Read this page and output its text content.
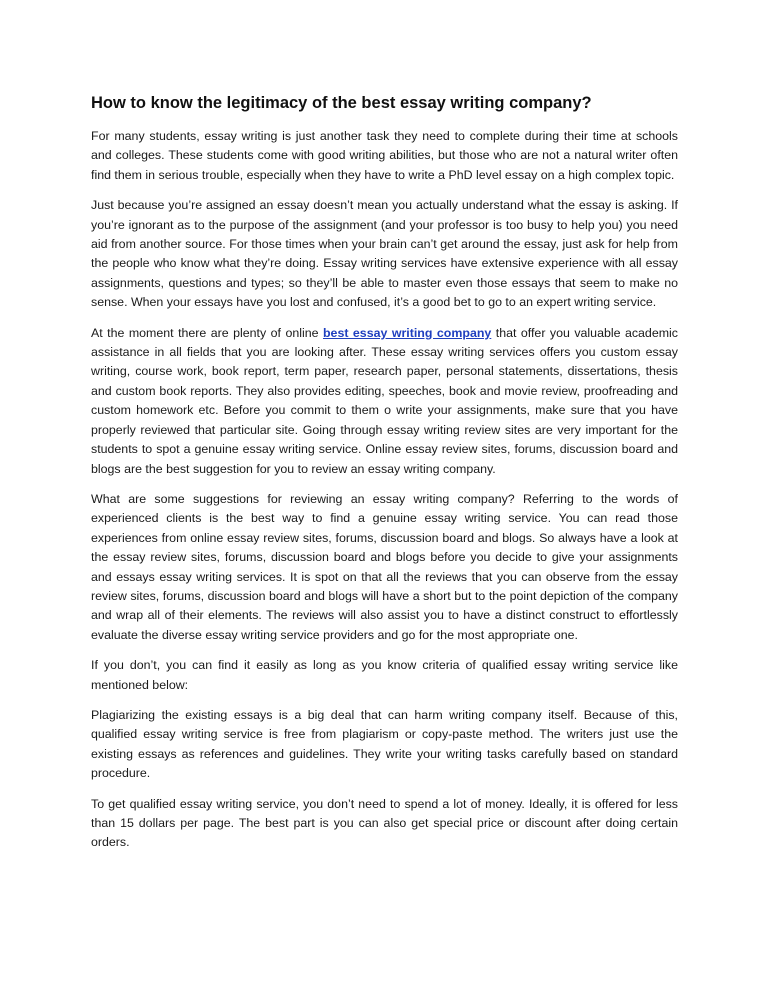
How to know the legitimacy of the best essay writing company?

For many students, essay writing is just another task they need to complete during their time at schools and colleges. These students come with good writing abilities, but those who are not a natural writer often find them in serious trouble, especially when they have to write a PhD level essay on a high complex topic.

Just because you’re assigned an essay doesn’t mean you actually understand what the essay is asking. If you’re ignorant as to the purpose of the assignment (and your professor is too busy to help you) you need aid from another source. For those times when your brain can’t get around the essay, just ask for help from the people who know what they’re doing. Essay writing services have extensive experience with all essay assignments, questions and types; so they’ll be able to master even those essays that seem to make no sense. When your essays have you lost and confused, it’s a good bet to go to an expert writing service.

At the moment there are plenty of online best essay writing company that offer you valuable academic assistance in all fields that you are looking after. These essay writing services offers you custom essay writing, course work, book report, term paper, research paper, personal statements, dissertations, thesis and custom book reports. They also provides editing, speeches, book and movie review, proofreading and custom homework etc. Before you commit to them o write your assignments, make sure that you have properly reviewed that particular site. Going through essay writing review sites are very important for the students to spot a genuine essay writing service. Online essay review sites, forums, discussion board and blogs are the best suggestion for you to review an essay writing company.

What are some suggestions for reviewing an essay writing company? Referring to the words of experienced clients is the best way to find a genuine essay writing service. You can read those experiences from online essay review sites, forums, discussion board and blogs. So always have a look at the essay review sites, forums, discussion board and blogs before you decide to give your assignments and essays essay writing services. It is spot on that all the reviews that you can observe from the essay review sites, forums, discussion board and blogs will have a short but to the point depiction of the company and wrap all of their elements. The reviews will also assist you to have a distinct construct to effortlessly evaluate the diverse essay writing service providers and go for the most appropriate one.

If you don’t, you can find it easily as long as you know criteria of qualified essay writing service like mentioned below:

Plagiarizing the existing essays is a big deal that can harm writing company itself. Because of this, qualified essay writing service is free from plagiarism or copy-paste method. The writers just use the existing essays as references and guidelines. They write your writing tasks carefully based on standard procedure.

To get qualified essay writing service, you don’t need to spend a lot of money. Ideally, it is offered for less than 15 dollars per page. The best part is you can also get special price or discount after doing certain orders.
